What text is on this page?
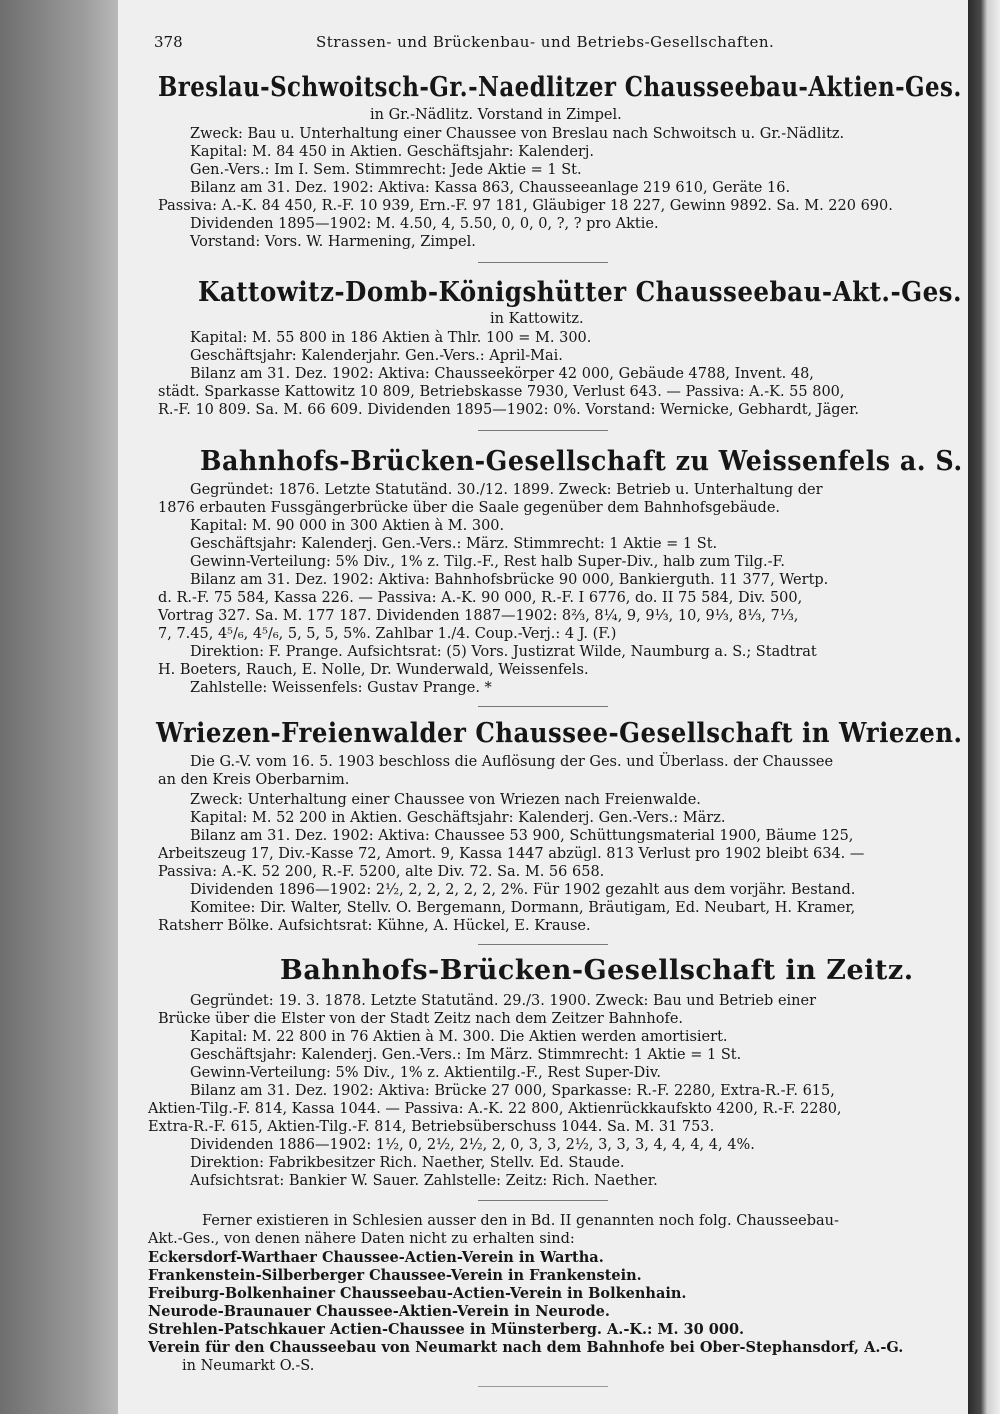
378	Strassen- und Brückenbau- und Betriebs-Gesellschaften.
Breslau-Schwoitsch-Gr.-Naedlitzer Chausseebau-Aktien-Ges.
in Gr.-Nädlitz. Vorstand in Zimpel.
Zweck: Bau u. Unterhaltung einer Chaussee von Breslau nach Schwoitsch u. Gr.-Nädlitz.
Kapital: M. 84 450 in Aktien. Geschäftsjahr: Kalenderj.
Gen.-Vers.: Im I. Sem. Stimmrecht: Jede Aktie = 1 St.
Bilanz am 31. Dez. 1902: Aktiva: Kassa 863, Chausseeanlage 219 610, Geräte 16.
Passiva: A.-K. 84 450, R.-F. 10 939, Ern.-F. 97 181, Gläubiger 18 227, Gewinn 9892. Sa. M. 220 690.
Dividenden 1895—1902: M. 4.50, 4, 5.50, 0, 0, 0, ?, ? pro Aktie.
Vorstand: Vors. W. Harmening, Zimpel.
Kattowitz-Domb-Königshütter Chausseebau-Akt.-Ges.
in Kattowitz.
Kapital: M. 55 800 in 186 Aktien à Thlr. 100 = M. 300.
Geschäftsjahr: Kalenderjahr. Gen.-Vers.: April-Mai.
Bilanz am 31. Dez. 1902: Aktiva: Chausseekörper 42 000, Gebäude 4788, Invent. 48,
städt. Sparkasse Kattowitz 10 809, Betriebskasse 7930, Verlust 643. — Passiva: A.-K. 55 800,
R.-F. 10 809. Sa. M. 66 609. Dividenden 1895—1902: 0%. Vorstand: Wernicke, Gebhardt, Jäger.
Bahnhofs-Brücken-Gesellschaft zu Weissenfels a. S.
Gegründet: 1876. Letzte Statutänd. 30./12. 1899. Zweck: Betrieb u. Unterhaltung der
1876 erbauten Fussgängerbrücke über die Saale gegenüber dem Bahnhofsgebäude.
Kapital: M. 90 000 in 300 Aktien à M. 300.
Geschäftsjahr: Kalenderj. Gen.-Vers.: März. Stimmrecht: 1 Aktie = 1 St.
Gewinn-Verteilung: 5% Div., 1% z. Tilg.-F., Rest halb Super-Div., halb zum Tilg.-F.
Bilanz am 31. Dez. 1902: Aktiva: Bahnhofsbrücke 90 000, Bankierguth. 11 377, Wertp.
d. R.-F. 75 584, Kassa 226. — Passiva: A.-K. 90 000, R.-F. I 6776, do. II 75 584, Div. 500,
Vortrag 327. Sa. M. 177 187. Dividenden 1887—1902: 8⅔, 8¼, 9, 9⅓, 10, 9⅓, 8⅓, 7⅓,
7, 7.45, 4⁵/₆, 4⁵/₆, 5, 5, 5, 5%. Zahlbar 1./4. Coup.-Verj.: 4 J. (F.)
Direktion: F. Prange. Aufsichtsrat: (5) Vors. Justizrat Wilde, Naumburg a. S.; Stadtrat
H. Boeters, Rauch, E. Nolle, Dr. Wunderwald, Weissenfels.
Zahlstelle: Weissenfels: Gustav Prange. *
Wriezen-Freienwalder Chaussee-Gesellschaft in Wriezen.
Die G.-V. vom 16. 5. 1903 beschloss die Auflösung der Ges. und Überlass. der Chaussee
an den Kreis Oberbarnim.
Zweck: Unterhaltung einer Chaussee von Wriezen nach Freienwalde.
Kapital: M. 52 200 in Aktien. Geschäftsjahr: Kalenderj. Gen.-Vers.: März.
Bilanz am 31. Dez. 1902: Aktiva: Chaussee 53 900, Schüttungsmaterial 1900, Bäume 125,
Arbeitszeug 17, Div.-Kasse 72, Amort. 9, Kassa 1447 abzügl. 813 Verlust pro 1902 bleibt 634. —
Passiva: A.-K. 52 200, R.-F. 5200, alte Div. 72. Sa. M. 56 658.
Dividenden 1896—1902: 2½, 2, 2, 2, 2, 2, 2%. Für 1902 gezahlt aus dem vorjähr. Bestand.
Komitee: Dir. Walter, Stellv. O. Bergemann, Dormann, Bräutigam, Ed. Neubart, H. Kramer,
Ratsherr Bölke. Aufsichtsrat: Kühne, A. Hückel, E. Krause.
Bahnhofs-Brücken-Gesellschaft in Zeitz.
Gegründet: 19. 3. 1878. Letzte Statutänd. 29./3. 1900. Zweck: Bau und Betrieb einer
Brücke über die Elster von der Stadt Zeitz nach dem Zeitzer Bahnhofe.
Kapital: M. 22 800 in 76 Aktien à M. 300. Die Aktien werden amortisiert.
Geschäftsjahr: Kalenderj. Gen.-Vers.: Im März. Stimmrecht: 1 Aktie = 1 St.
Gewinn-Verteilung: 5% Div., 1% z. Aktientilg.-F., Rest Super-Div.
Bilanz am 31. Dez. 1902: Aktiva: Brücke 27 000, Sparkasse: R.-F. 2280, Extra-R.-F. 615,
Aktien-Tilg.-F. 814, Kassa 1044. — Passiva: A.-K. 22 800, Aktienrückkaufskto 4200, R.-F. 2280,
Extra-R.-F. 615, Aktien-Tilg.-F. 814, Betriebsüberschuss 1044. Sa. M. 31 753.
Dividenden 1886—1902: 1½, 0, 2½, 2½, 2, 0, 3, 3, 2½, 3, 3, 3, 4, 4, 4, 4, 4%.
Direktion: Fabrikbesitzer Rich. Naether, Stellv. Ed. Staude.
Aufsichtsrat: Bankier W. Sauer. Zahlstelle: Zeitz: Rich. Naether.
Ferner existieren in Schlesien ausser den in Bd. II genannten noch folg. Chausseebau-
Akt.-Ges., von denen nähere Daten nicht zu erhalten sind:
Eckersdorf-Warthaer Chaussee-Actien-Verein in Wartha.
Frankenstein-Silberberger Chaussee-Verein in Frankenstein.
Freiburg-Bolkenhainer Chausseebau-Actien-Verein in Bolkenhain.
Neurode-Braunauer Chaussee-Aktien-Verein in Neurode.
Strehlen-Patschkauer Actien-Chaussee in Münsterberg. A.-K.: M. 30 000.
Verein für den Chausseebau von Neumarkt nach dem Bahnhofe bei Ober-Stephansdorf, A.-G.
in Neumarkt O.-S.
